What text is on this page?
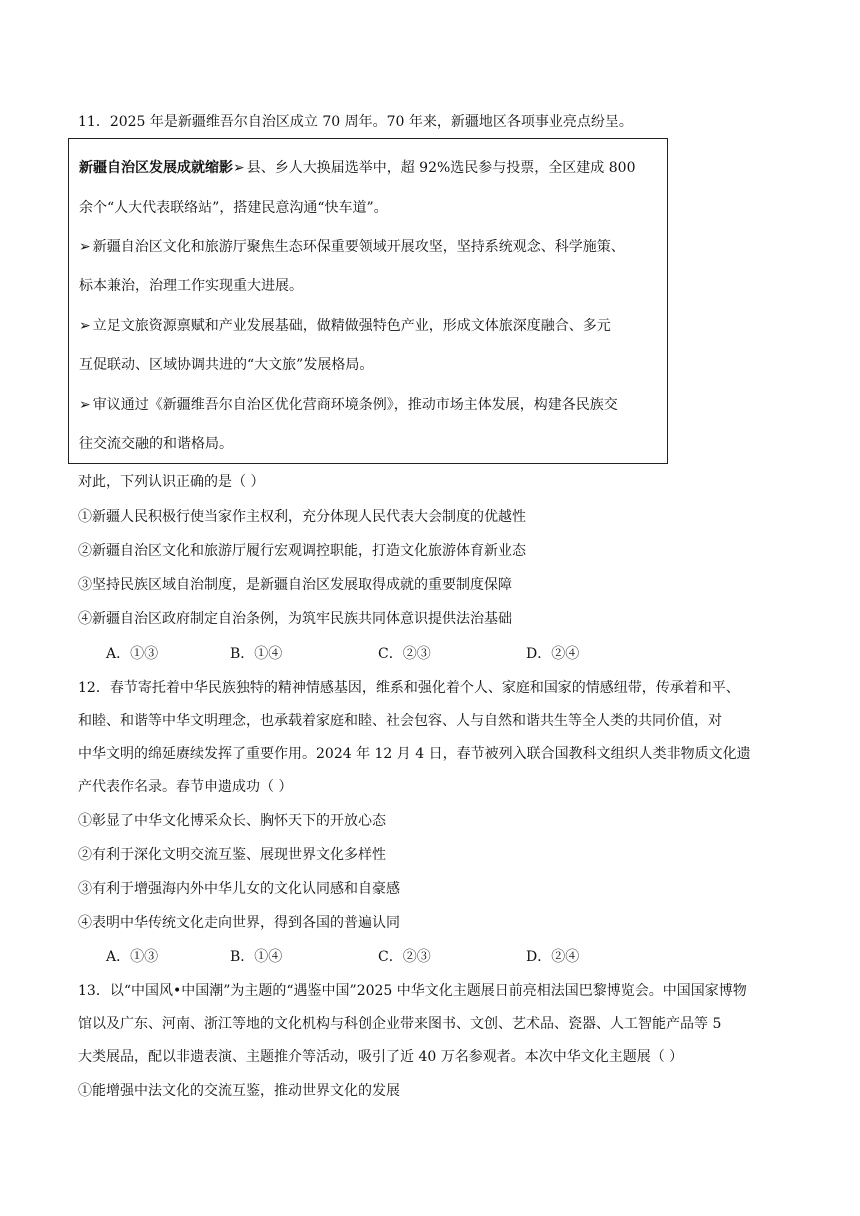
11．2025 年是新疆维吾尔自治区成立 70 周年。70 年来，新疆地区各项事业亮点纷呈。
新疆自治区发展成就缩影➢ 县、乡人大换届选举中，超 92%选民参与投票，全区建成 800
余个“人大代表联络站”，搭建民意沟通“快车道”。
➢ 新疆自治区文化和旅游厅聚焦生态环保重要领域开展攻坚，坚持系统观念、科学施策、
标本兼治，治理工作实现重大进展。
➢ 立足文旅资源禀赋和产业发展基础，做精做强特色产业，形成文体旅深度融合、多元
互促联动、区域协调共进的“大文旅”发展格局。
➢ 审议通过《新疆维吾尔自治区优化营商环境条例》，推动市场主体发展，构建各民族交
往交流交融的和谐格局。
对此，下列认识正确的是（ ）
①新疆人民积极行使当家作主权利，充分体现人民代表大会制度的优越性
②新疆自治区文化和旅游厅履行宏观调控职能，打造文化旅游体育新业态
③坚持民族区域自治制度，是新疆自治区发展取得成就的重要制度保障
④新疆自治区政府制定自治条例，为筑牢民族共同体意识提供法治基础
A．①③	B．①④	C．②③	D．②④
12．春节寄托着中华民族独特的精神情感基因，维系和强化着个人、家庭和国家的情感纽带，传承着和平、
和睦、和谐等中华文明理念，也承载着家庭和睦、社会包容、人与自然和谐共生等全人类的共同价值，对
中华文明的绵延赓续发挥了重要作用。2024 年 12 月 4 日，春节被列入联合国教科文组织人类非物质文化遗
产代表作名录。春节申遗成功（ ）
①彰显了中华文化博采众长、胸怀天下的开放心态
②有利于深化文明交流互鉴、展现世界文化多样性
③有利于增强海内外中华儿女的文化认同感和自豪感
④表明中华传统文化走向世界，得到各国的普遍认同
A．①③	B．①④	C．②③	D．②④
13．以“中国风•中国潮”为主题的“遇鉴中国”2025 中华文化主题展日前亮相法国巴黎博览会。中国国家博物
馆以及广东、河南、浙江等地的文化机构与科创企业带来图书、文创、艺术品、瓷器、人工智能产品等 5
大类展品，配以非遗表演、主题推介等活动，吸引了近 40 万名参观者。本次中华文化主题展（ ）
①能增强中法文化的交流互鉴，推动世界文化的发展
